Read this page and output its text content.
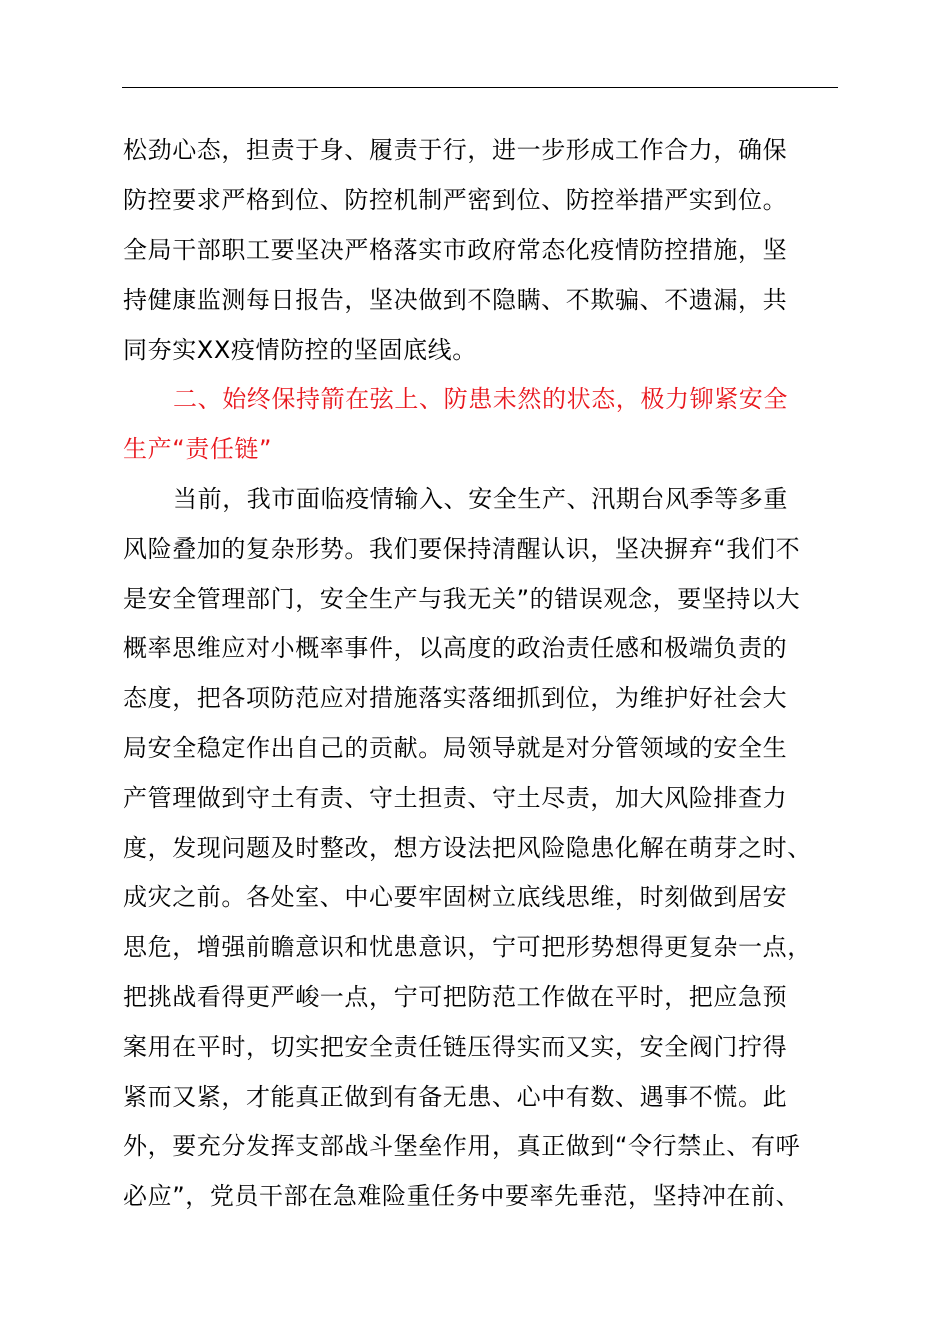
松劲心态，担责于身、履责于行，进一步形成工作合力，确保
防控要求严格到位、防控机制严密到位、防控举措严实到位。
全局干部职工要坚决严格落实市政府常态化疫情防控措施，坚
持健康监测每日报告，坚决做到不隐瞒、不欺骗、不遗漏，共
同夯实XX疫情防控的坚固底线。
二、始终保持箭在弦上、防患未然的状态，极力铆紧安全
生产“责任链”
当前，我市面临疫情输入、安全生产、汛期台风季等多重
风险叠加的复杂形势。我们要保持清醒认识，坚决摒弃“我们不
是安全管理部门，安全生产与我无关”的错误观念，要坚持以大
概率思维应对小概率事件，以高度的政治责任感和极端负责的
态度，把各项防范应对措施落实落细抓到位，为维护好社会大
局安全稳定作出自己的贡献。局领导就是对分管领域的安全生
产管理做到守土有责、守土担责、守土尽责，加大风险排查力
度，发现问题及时整改，想方设法把风险隐患化解在萌芽之时、
成灾之前。各处室、中心要牢固树立底线思维，时刻做到居安
思危，增强前瞻意识和忧患意识，宁可把形势想得更复杂一点，
把挑战看得更严峻一点，宁可把防范工作做在平时，把应急预
案用在平时，切实把安全责任链压得实而又实，安全阀门拧得
紧而又紧，才能真正做到有备无患、心中有数、遇事不慌。此
外，要充分发挥支部战斗堡垒作用，真正做到“令行禁止、有呼
必应”，党员干部在急难险重任务中要率先垂范，坚持冲在前、
